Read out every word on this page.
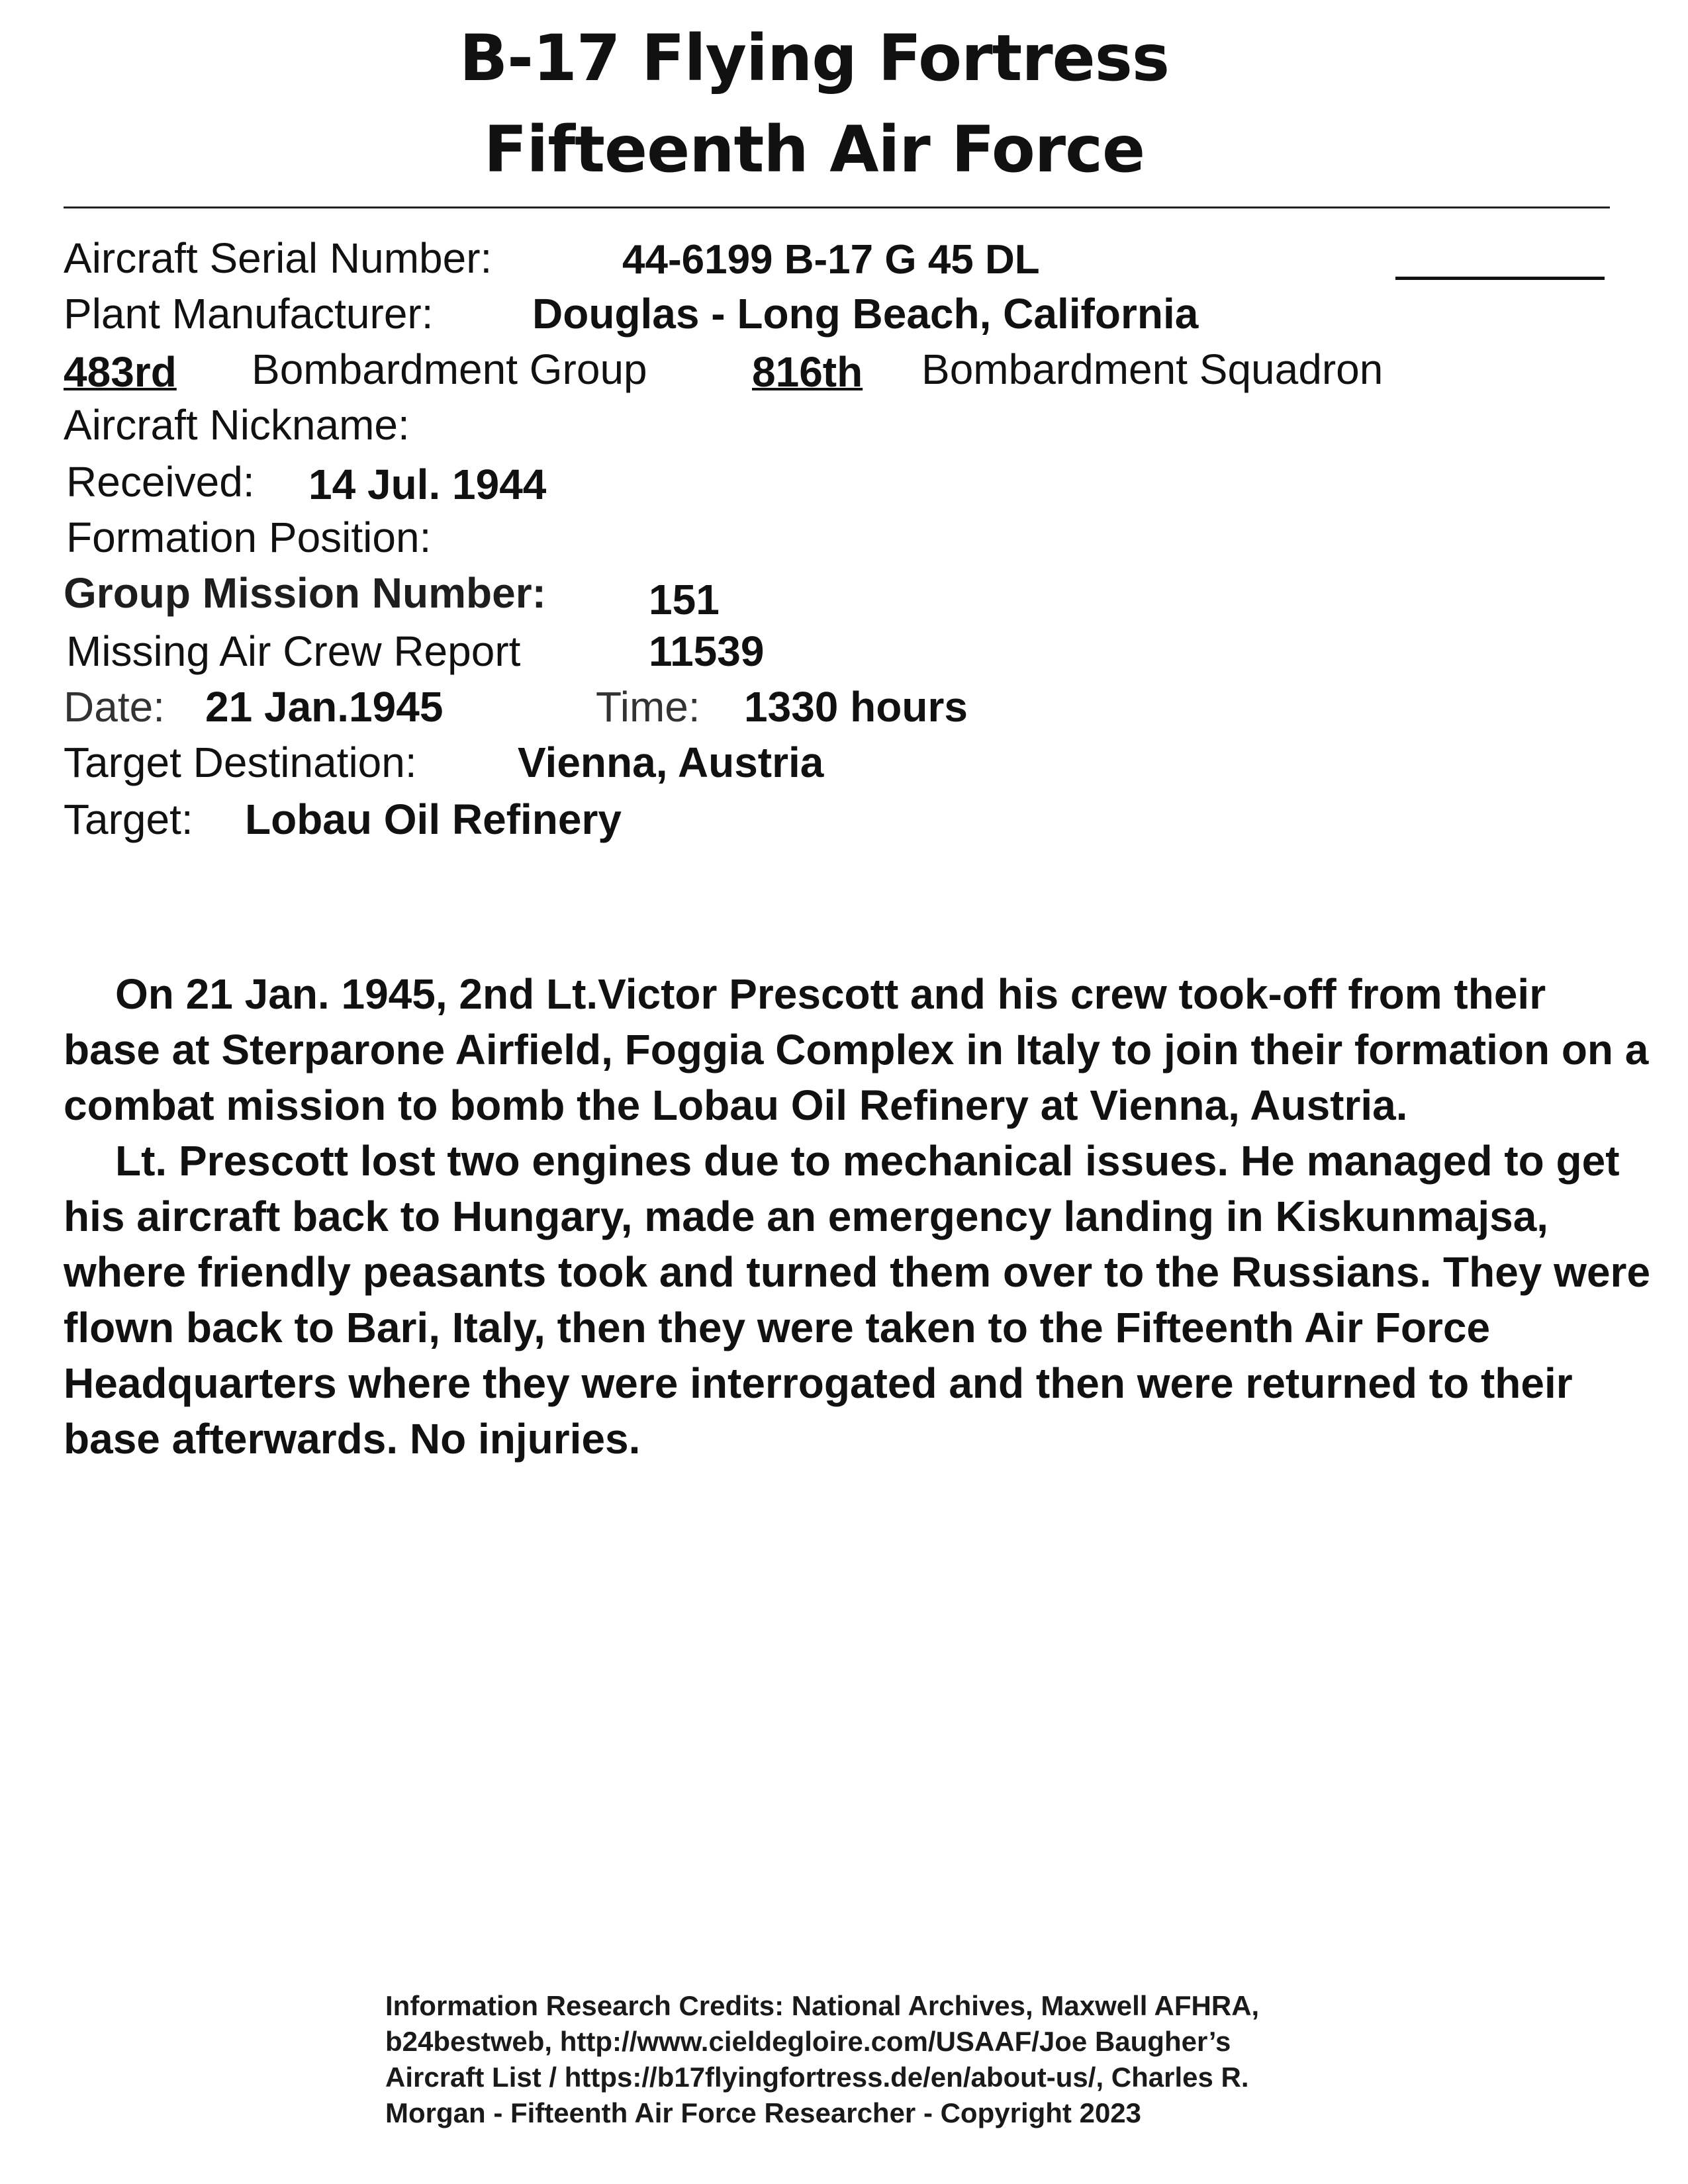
B-17 Flying Fortress
Fifteenth Air Force
Aircraft Serial Number:	44-6199 B-17 G 45 DL
Plant Manufacturer: Douglas - Long Beach, California
483rd	Bombardment Group 816th	Bombardment Squadron
Aircraft Nickname:
Received: 14 Jul. 1944
Formation Position:
Group Mission Number: 151
Missing Air Crew Report	11539
Date: 21 Jan.1945	Time: 1330 hours
Target Destination: Vienna, Austria
Target: Lobau Oil Refinery

On 21 Jan. 1945, 2nd Lt.Victor Prescott and his crew took-off from their base at Sterparone Airfield, Foggia Complex in Italy to join their formation on a combat mission to bomb the Lobau Oil Refinery at Vienna, Austria.

Lt. Prescott lost two engines due to mechanical issues. He managed to get his aircraft back to Hungary, made an emergency landing in Kiskunmajsa, where friendly peasants took and turned them over to the Russians. They were flown back to Bari, Italy, then they were taken to the Fifteenth Air Force Headquarters where they were interrogated and then were returned to their base afterwards. No injuries.

Information Research Credits: National Archives, Maxwell AFHRA,
b24bestweb, http://www.cieldegloire.com/USAAF/Joe Baugher’s
Aircraft List / https://b17flyingfortress.de/en/about-us/, Charles R.
Morgan - Fifteenth Air Force Researcher - Copyright 2023
